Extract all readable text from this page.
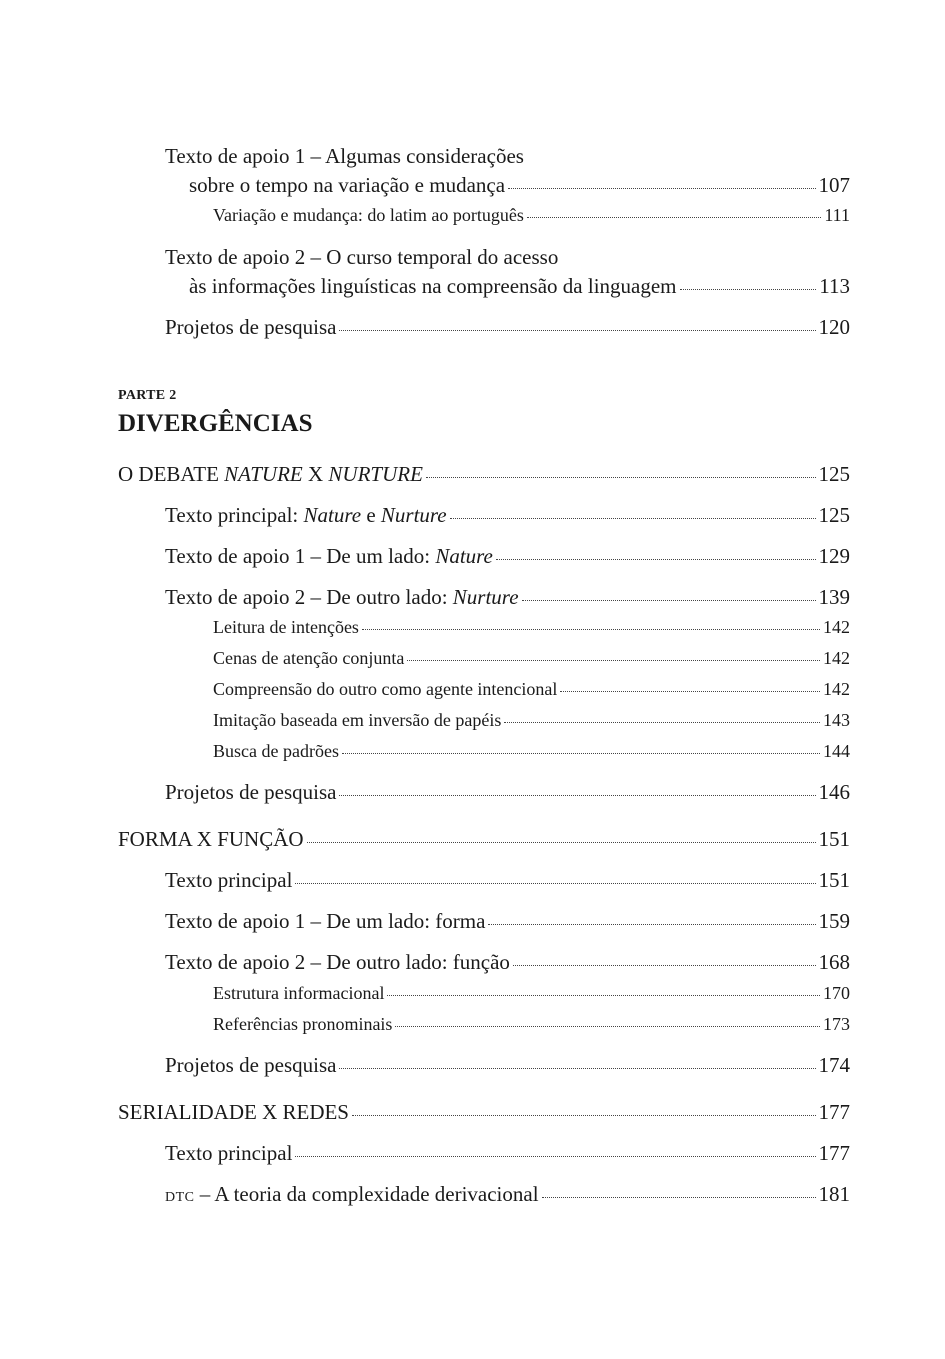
Texto de apoio 1 – Algumas considerações
sobre o tempo na variação e mudança	107
Variação e mudança: do latim ao português	111
Texto de apoio 2 – O curso temporal do acesso
às informações linguísticas na compreensão da linguagem	113
Projetos de pesquisa	120
PARTE 2
DIVERGÊNCIAS
O DEBATE NATURE X NURTURE	125
Texto principal: Nature e Nurture	125
Texto de apoio 1 – De um lado: Nature	129
Texto de apoio 2 – De outro lado: Nurture	139
Leitura de intenções	142
Cenas de atenção conjunta	142
Compreensão do outro como agente intencional	142
Imitação baseada em inversão de papéis	143
Busca de padrões	144
Projetos de pesquisa	146
FORMA X FUNÇÃO	151
Texto principal	151
Texto de apoio 1 – De um lado: forma	159
Texto de apoio 2 – De outro lado: função	168
Estrutura informacional	170
Referências pronominais	173
Projetos de pesquisa	174
SERIALIDADE X REDES	177
Texto principal	177
DTC – A teoria da complexidade derivacional	181
